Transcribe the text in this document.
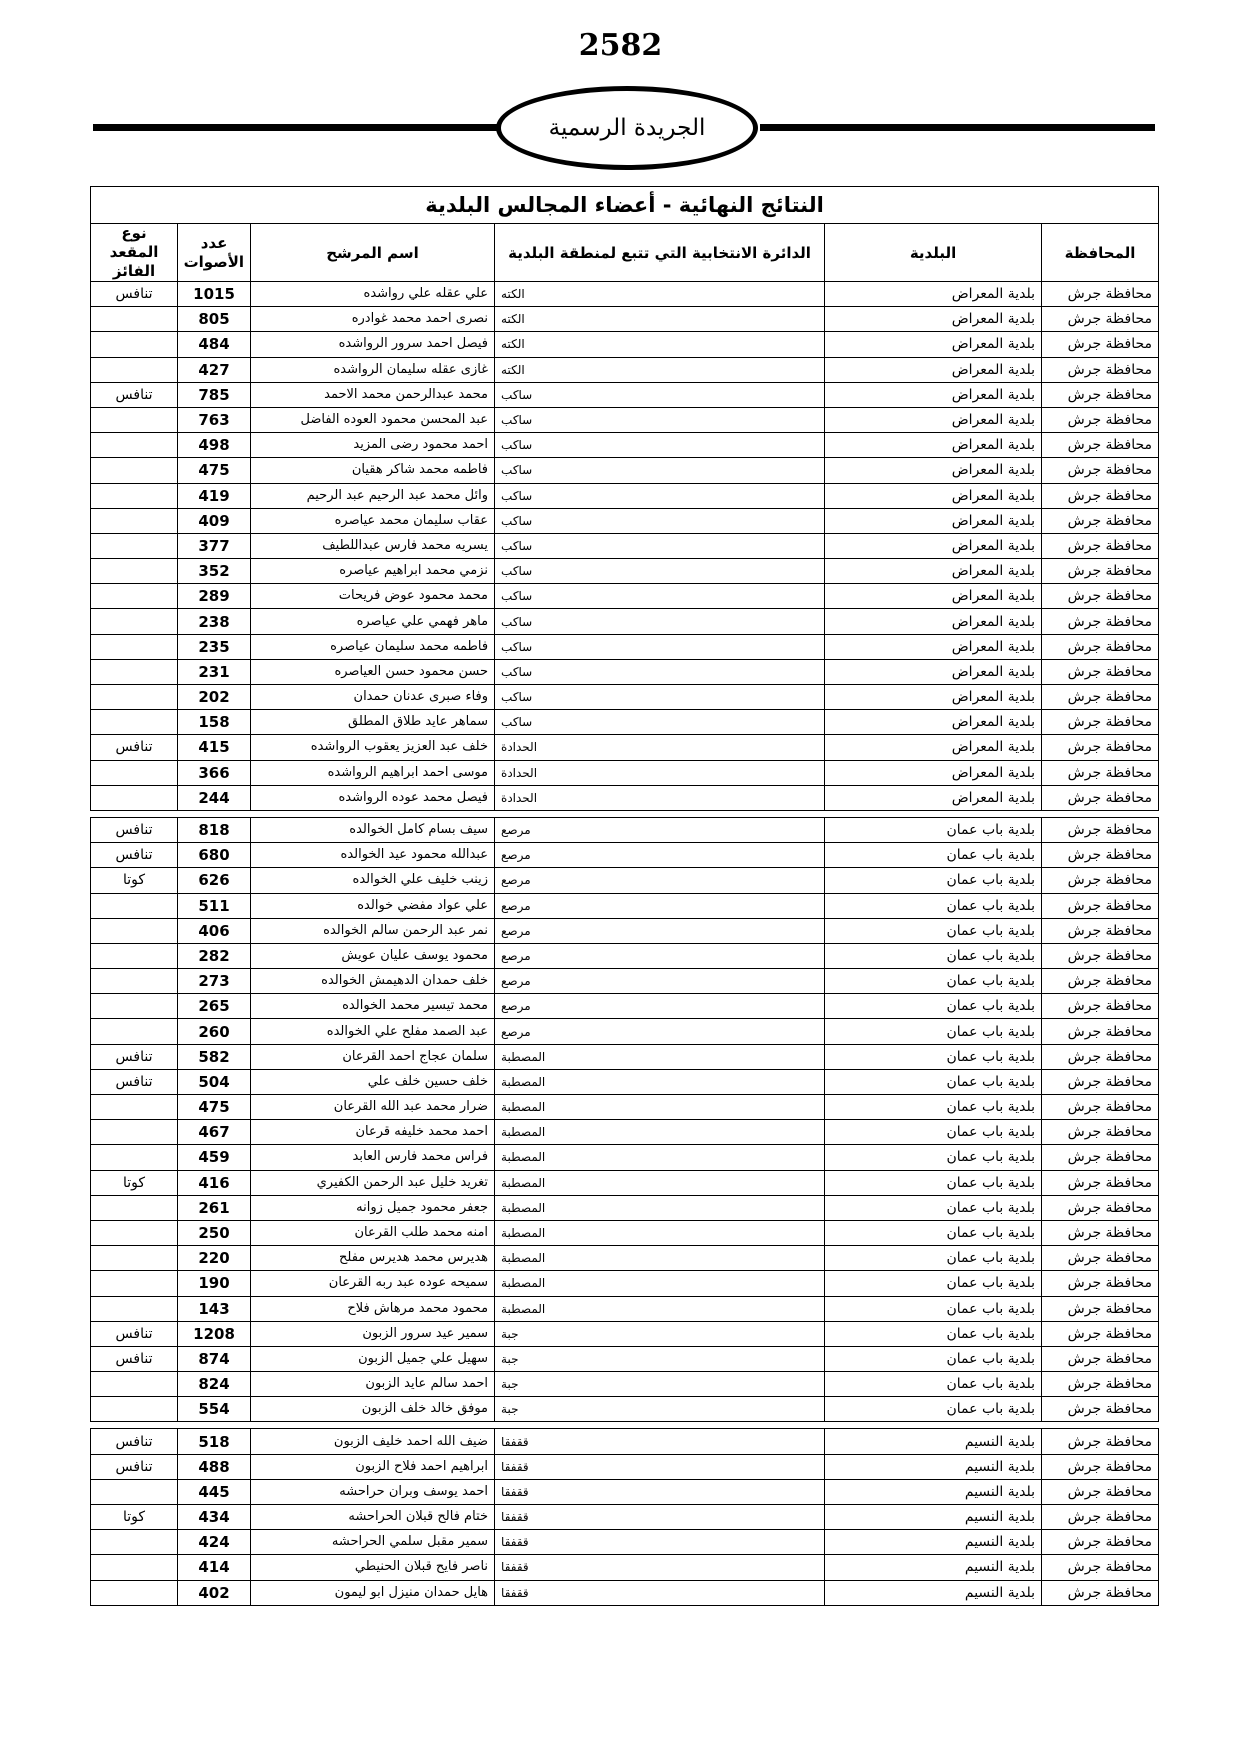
2582
الجريدة الرسمية
النتائج النهائية - أعضاء المجالس البلدية					
المحافظة	البلدية	الدائرة الانتخابية التي تتبع لمنطقة البلدية	اسم المرشح	عدد الأصوات	نوع المقعد الفائز
محافظة جرش	بلدية المعراض	الكته	علي عقله علي رواشده	1015	تنافس
محافظة جرش	بلدية المعراض	الكته	نصرى احمد محمد غوادره	805	
محافظة جرش	بلدية المعراض	الكته	فيصل احمد سرور الرواشده	484	
محافظة جرش	بلدية المعراض	الكته	غازى عقله سليمان الرواشده	427	
محافظة جرش	بلدية المعراض	ساكب	محمد عبدالرحمن محمد الاحمد	785	تنافس
محافظة جرش	بلدية المعراض	ساكب	عبد المحسن محمود العوده الفاضل	763	
محافظة جرش	بلدية المعراض	ساكب	احمد محمود رضى المزيد	498	
محافظة جرش	بلدية المعراض	ساكب	فاطمه محمد شاكر هقيان	475	
محافظة جرش	بلدية المعراض	ساكب	وائل محمد عبد الرحيم عبد الرحيم	419	
محافظة جرش	بلدية المعراض	ساكب	عقاب سليمان محمد عياصره	409	
محافظة جرش	بلدية المعراض	ساكب	يسريه محمد فارس عبداللطيف	377	
محافظة جرش	بلدية المعراض	ساكب	نزمي محمد ابراهيم عياصره	352	
محافظة جرش	بلدية المعراض	ساكب	محمد محمود عوض فريحات	289	
محافظة جرش	بلدية المعراض	ساكب	ماهر فهمي علي عياصره	238	
محافظة جرش	بلدية المعراض	ساكب	فاطمه محمد سليمان عياصره	235	
محافظة جرش	بلدية المعراض	ساكب	حسن محمود حسن العياصره	231	
محافظة جرش	بلدية المعراض	ساكب	وفاء صبرى عدنان حمدان	202	
محافظة جرش	بلدية المعراض	ساكب	سماهر عايد طلاق المطلق	158	
محافظة جرش	بلدية المعراض	الحدادة	خلف عبد العزيز يعقوب الرواشده	415	تنافس
محافظة جرش	بلدية المعراض	الحدادة	موسى احمد ابراهيم الرواشده	366	
محافظة جرش	بلدية المعراض	الحدادة	فيصل محمد عوده الرواشده	244	

محافظة جرش	بلدية باب عمان	مرصع	سيف بسام كامل الخوالده	818	تنافس
محافظة جرش	بلدية باب عمان	مرصع	عبدالله محمود عيد الخوالده	680	تنافس
محافظة جرش	بلدية باب عمان	مرصع	زينب خليف علي الخوالده	626	كوتا
محافظة جرش	بلدية باب عمان	مرصع	علي عواد مفضي خوالده	511	
محافظة جرش	بلدية باب عمان	مرصع	نمر عبد الرحمن سالم الخوالده	406	
محافظة جرش	بلدية باب عمان	مرصع	محمود يوسف عليان عويش	282	
محافظة جرش	بلدية باب عمان	مرصع	خلف حمدان الدهيمش الخوالده	273	
محافظة جرش	بلدية باب عمان	مرصع	محمد تيسير محمد الخوالده	265	
محافظة جرش	بلدية باب عمان	مرصع	عبد الصمد مفلح علي الخوالده	260	
محافظة جرش	بلدية باب عمان	المصطبة	سلمان عجاج احمد القرعان	582	تنافس
محافظة جرش	بلدية باب عمان	المصطبة	خلف حسين خلف علي	504	تنافس
محافظة جرش	بلدية باب عمان	المصطبة	ضرار محمد عبد الله القرعان	475	
محافظة جرش	بلدية باب عمان	المصطبة	احمد محمد خليفه قرعان	467	
محافظة جرش	بلدية باب عمان	المصطبة	فراس محمد فارس العابد	459	
محافظة جرش	بلدية باب عمان	المصطبة	تغريد خليل عبد الرحمن الكفيري	416	كوتا
محافظة جرش	بلدية باب عمان	المصطبة	جعفر محمود جميل زوانه	261	
محافظة جرش	بلدية باب عمان	المصطبة	امنه محمد طلب القرعان	250	
محافظة جرش	بلدية باب عمان	المصطبة	هديرس محمد هديرس مفلح	220	
محافظة جرش	بلدية باب عمان	المصطبة	سميحه عوده عبد ربه القرعان	190	
محافظة جرش	بلدية باب عمان	المصطبة	محمود محمد مرهاش فلاح	143	
محافظة جرش	بلدية باب عمان	جبة	سمير عيد سرور الزبون	1208	تنافس
محافظة جرش	بلدية باب عمان	جبة	سهيل علي جميل الزبون	874	تنافس
محافظة جرش	بلدية باب عمان	جبة	احمد سالم عايد الزبون	824	
محافظة جرش	بلدية باب عمان	جبة	موفق خالد خلف الزبون	554	

محافظة جرش	بلدية النسيم	ققفقا	ضيف الله احمد خليف الزبون	518	تنافس
محافظة جرش	بلدية النسيم	ققفقا	ابراهيم احمد فلاح الزبون	488	تنافس
محافظة جرش	بلدية النسيم	ققفقا	احمد يوسف وبران حراحشه	445	
محافظة جرش	بلدية النسيم	ققفقا	ختام فالح قبلان الحراحشه	434	كوتا
محافظة جرش	بلدية النسيم	ققفقا	سمير مقبل سلمي الحراحشه	424	
محافظة جرش	بلدية النسيم	ققفقا	ناصر فايح قبلان الحنيطي	414	
محافظة جرش	بلدية النسيم	ققفقا	هايل حمدان منيزل ابو ليمون	402	
